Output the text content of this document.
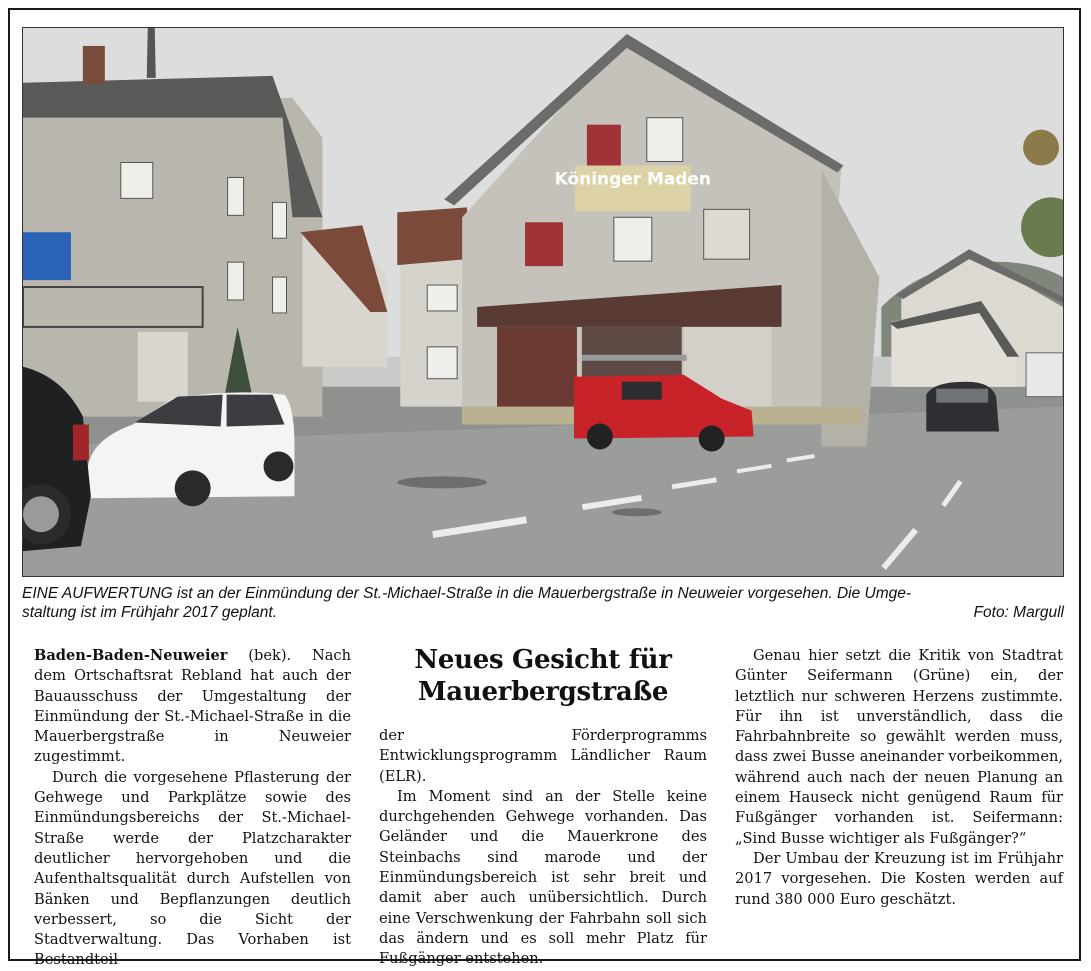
Köninger Maden
EINE AUFWERTUNG ist an der Einmündung der St.-Michael-Straße in die Mauerbergstraße in Neuweier vorgesehen. Die Umge-
staltung ist im Frühjahr 2017 geplant.	Foto: Margull

Baden-Baden-Neuweier (bek). Nach dem Ortschaftsrat Rebland hat auch der Bauausschuss der Umgestaltung der Einmündung der St.-Michael-Straße in die Mauerbergstraße in Neuweier zugestimmt.

Durch die vorgesehene Pflasterung der Gehwege und Parkplätze sowie des Einmündungsbereichs der St.-Michael-Straße werde der Platzcharakter deutlicher hervorgehoben und die Aufenthaltsqualität durch Aufstellen von Bänken und Bepflanzungen deutlich verbessert, so die Sicht der Stadtverwaltung. Das Vorhaben ist Bestandteil

Neues Gesicht für Mauerbergstraße

der Förderprogramms Entwicklungsprogramm Ländlicher Raum (ELR).

Im Moment sind an der Stelle keine durchgehenden Gehwege vorhanden. Das Geländer und die Mauerkrone des Steinbachs sind marode und der Einmündungsbereich ist sehr breit und damit aber auch unübersichtlich. Durch eine Verschwenkung der Fahrbahn soll sich das ändern und es soll mehr Platz für Fußgänger entstehen.

Genau hier setzt die Kritik von Stadtrat Günter Seifermann (Grüne) ein, der letztlich nur schweren Herzens zustimmte. Für ihn ist unverständlich, dass die Fahrbahnbreite so gewählt werden muss, dass zwei Busse aneinander vorbeikommen, während auch nach der neuen Planung an einem Hauseck nicht genügend Raum für Fußgänger vorhanden ist. Seifermann: „Sind Busse wichtiger als Fußgänger?“

Der Umbau der Kreuzung ist im Frühjahr 2017 vorgesehen. Die Kosten werden auf rund 380 000 Euro geschätzt.
